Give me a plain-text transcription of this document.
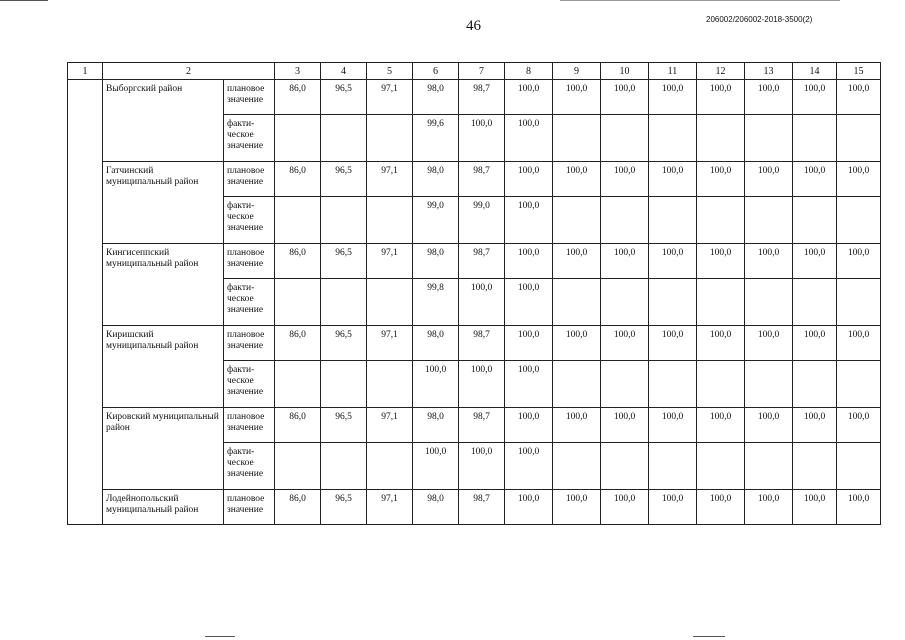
46	206002/206002-2018-3500(2)
1	2		3	4	5	6	7	8	9	10	11	12	13	14	15
	Выборгский район	плановое значение	86,0	96,5	97,1	98,0	98,7	100,0	100,0	100,0	100,0	100,0	100,0	100,0	100,0
		факти-
ческое
значение				99,6	100,0	100,0							
	Гатчинский муниципальный район	плановое значение	86,0	96,5	97,1	98,0	98,7	100,0	100,0	100,0	100,0	100,0	100,0	100,0	100,0
		факти-
ческое
значение				99,0	99,0	100,0							
	Кингисеппский муниципальный район	плановое значение	86,0	96,5	97,1	98,0	98,7	100,0	100,0	100,0	100,0	100,0	100,0	100,0	100,0
		факти-
ческое
значение				99,8	100,0	100,0							
	Киришский муниципальный район	плановое значение	86,0	96,5	97,1	98,0	98,7	100,0	100,0	100,0	100,0	100,0	100,0	100,0	100,0
		факти-
ческое
значение				100,0	100,0	100,0							
	Кировский муниципальный район	плановое значение	86,0	96,5	97,1	98,0	98,7	100,0	100,0	100,0	100,0	100,0	100,0	100,0	100,0
		факти-
ческое
значение				100,0	100,0	100,0							
	Лодейнопольский муниципальный район	плановое значение	86,0	96,5	97,1	98,0	98,7	100,0	100,0	100,0	100,0	100,0	100,0	100,0	100,0
